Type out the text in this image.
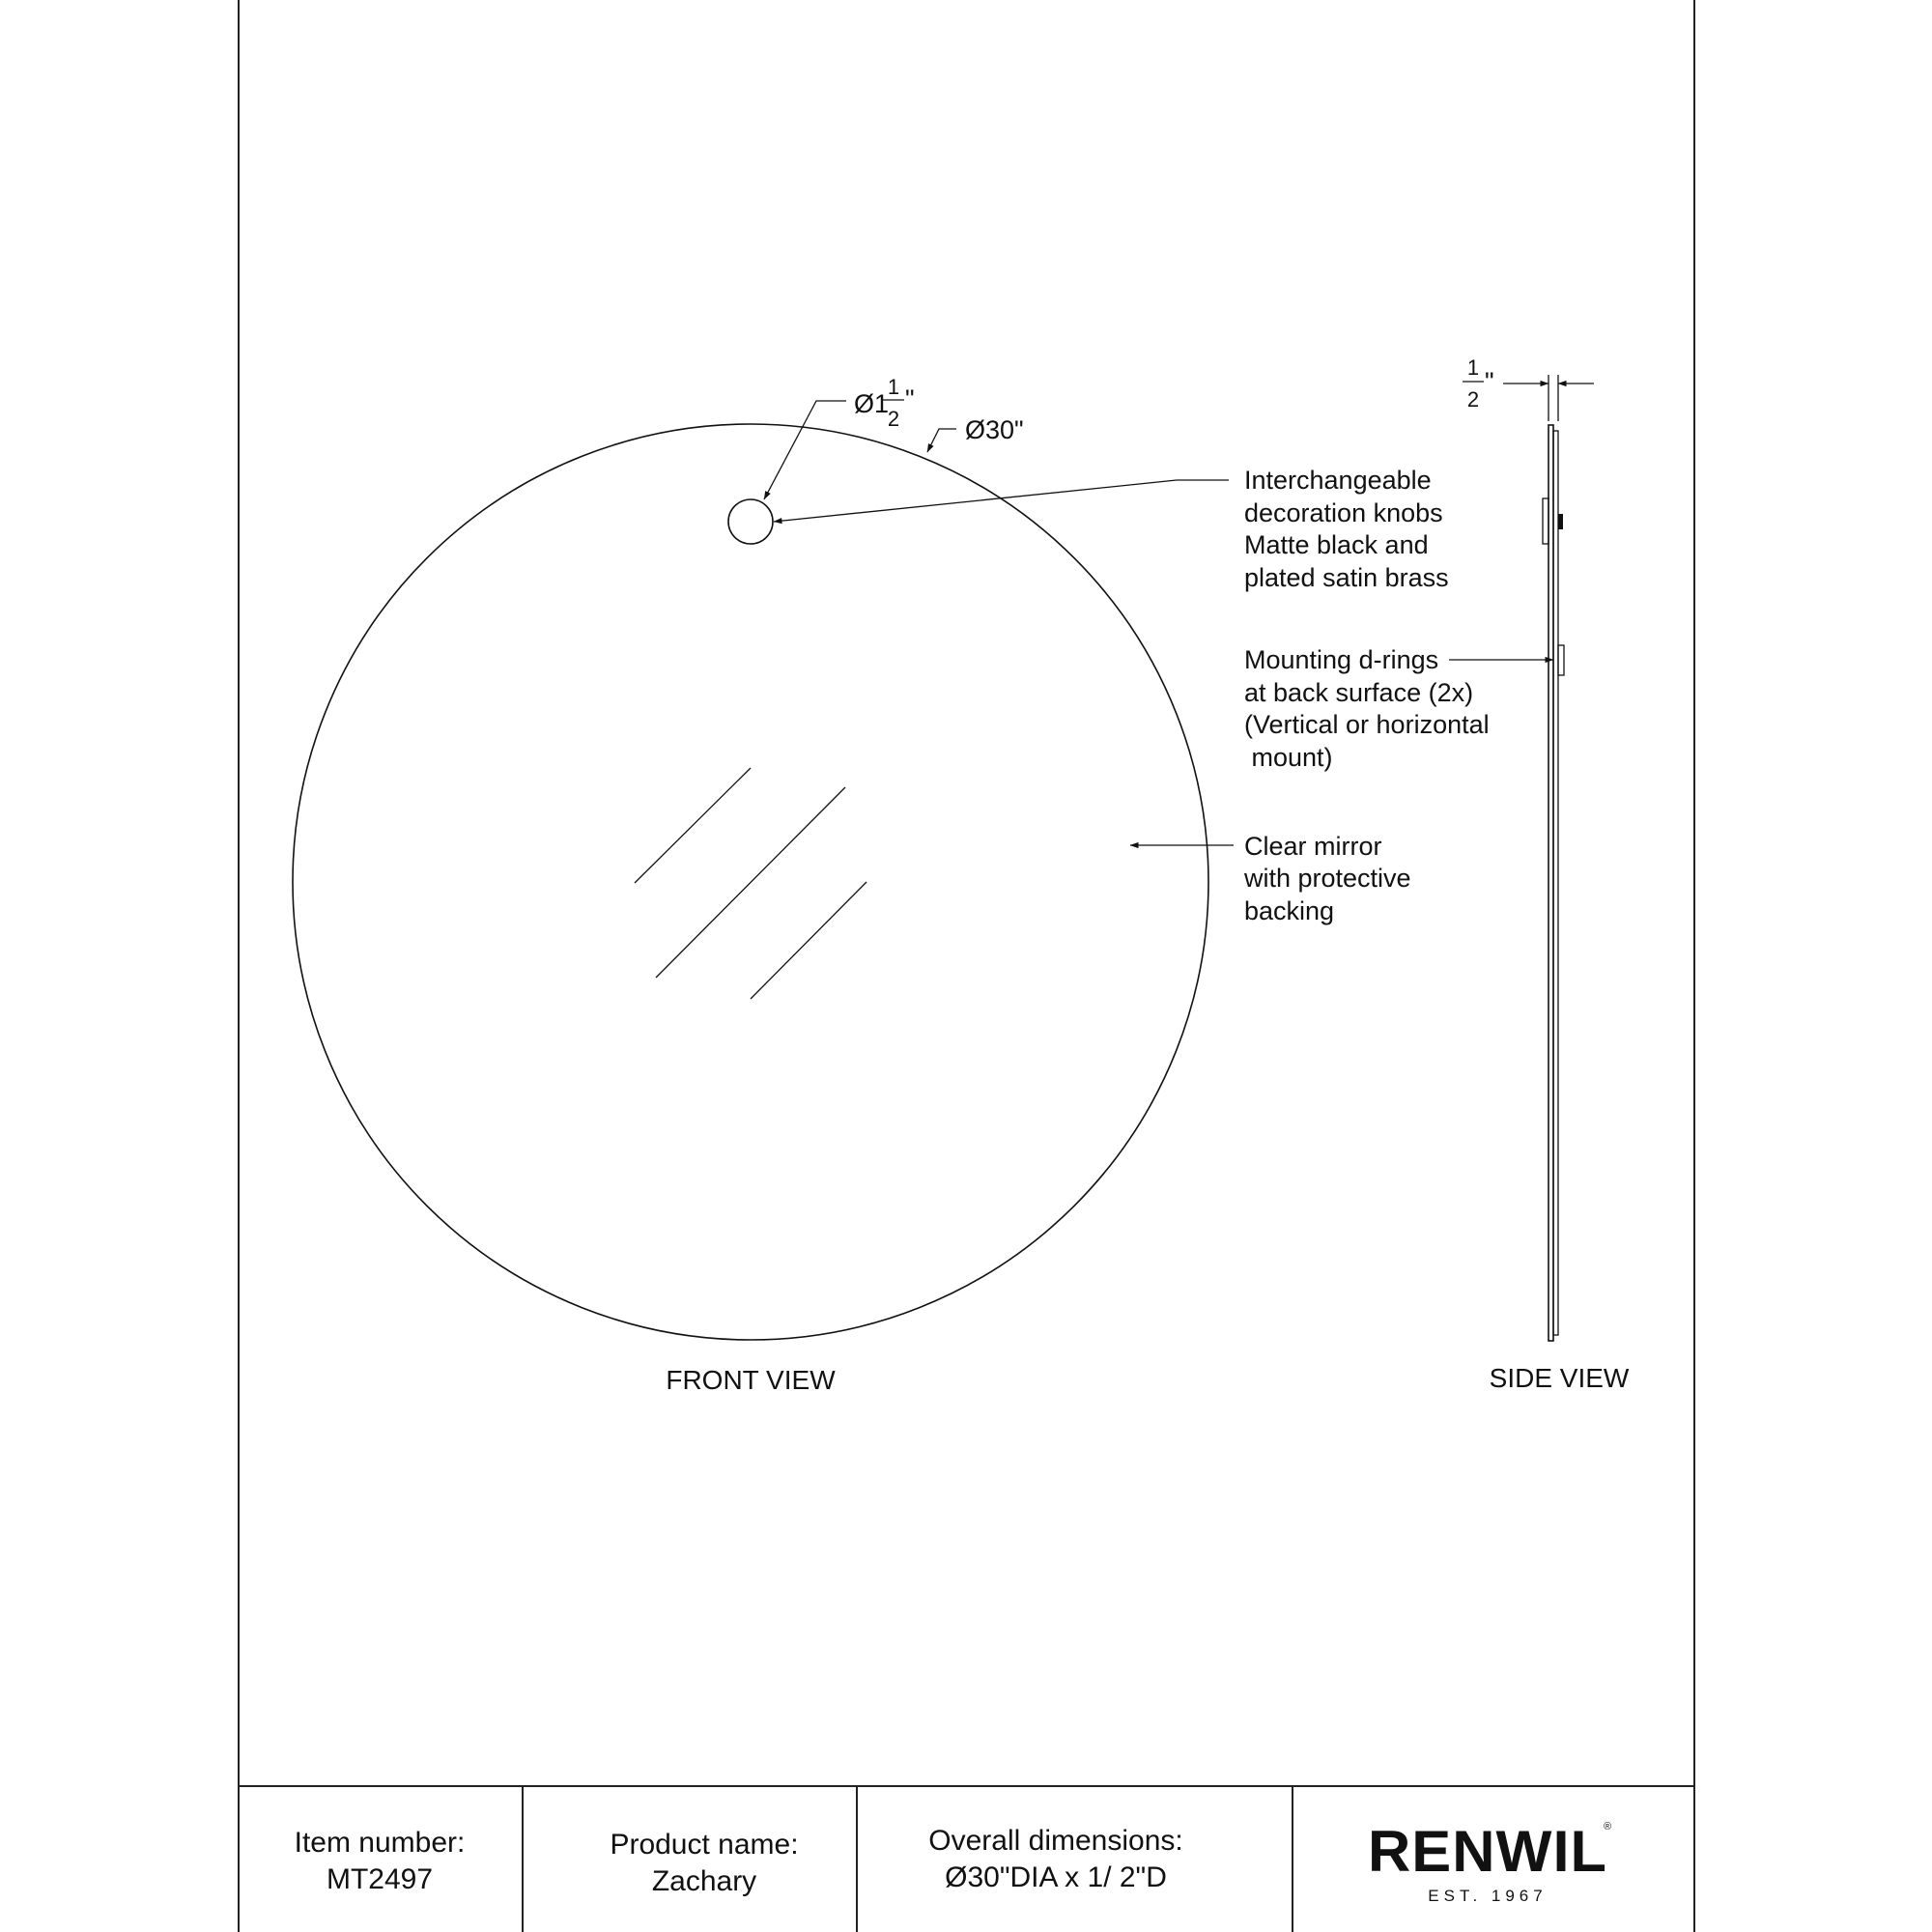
Ø1
1
2
"
Ø30"
FRONT VIEW
Interchangeable
decoration knobs
Matte black and
plated satin brass
Mounting d-rings
at back surface (2x)
(Vertical or horizontal
mount)
Clear mirror
with protective
backing
1
2
"
SIDE VIEW
Item number:
MT2497
Product name:
Zachary
Overall dimensions:
Ø30"DIA x 1/ 2"D	RENWIL
®
EST. 1967
